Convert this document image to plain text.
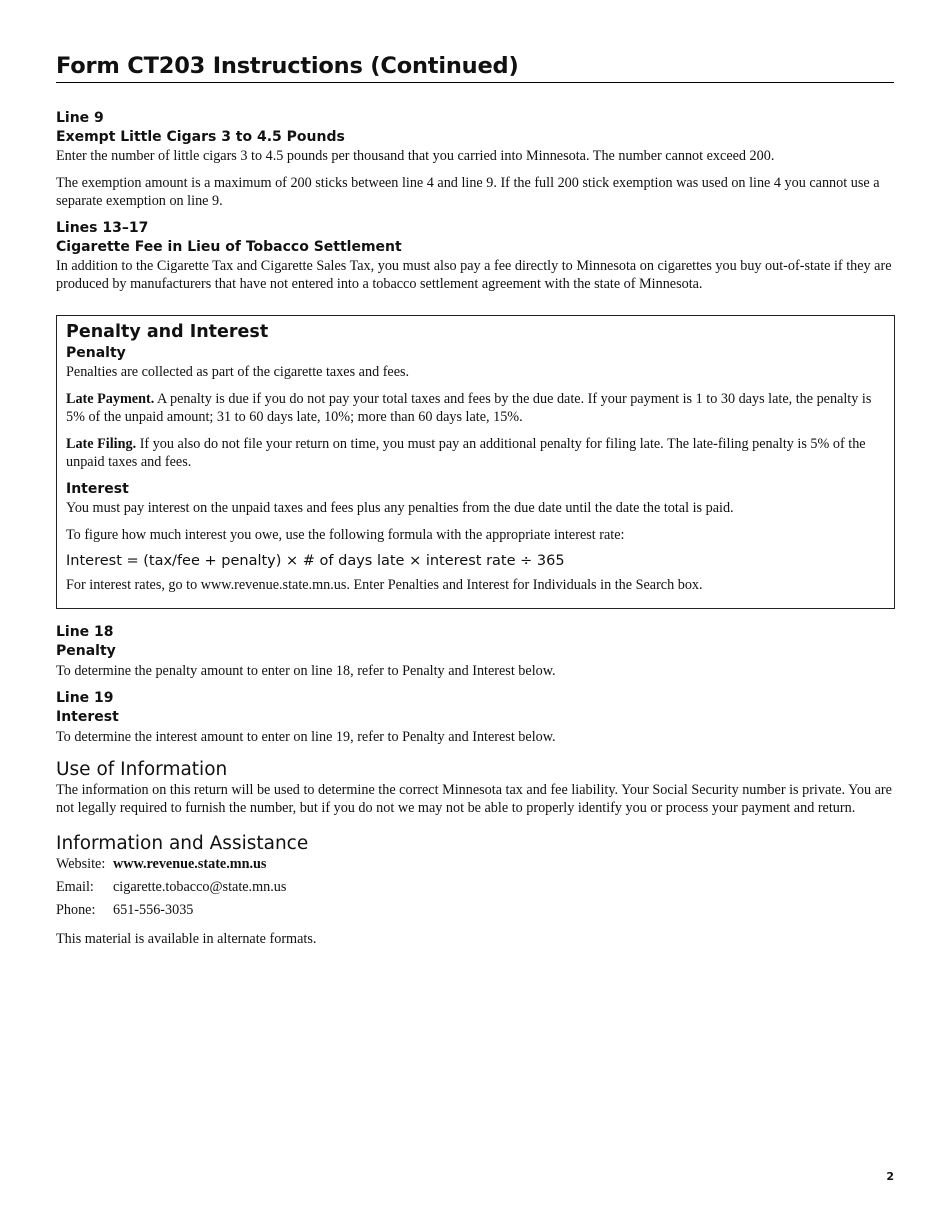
Form CT203 Instructions (Continued)
Line 9
Exempt Little Cigars 3 to 4.5 Pounds

Enter the number of little cigars 3 to 4.5 pounds per thousand that you carried into Minnesota. The number cannot exceed 200.

The exemption amount is a maximum of 200 sticks between line 4 and line 9. If the full 200 stick exemption was used on line 4 you cannot use a separate exemption on line 9.

Lines 13–17
Cigarette Fee in Lieu of Tobacco Settlement

In addition to the Cigarette Tax and Cigarette Sales Tax, you must also pay a fee directly to Minnesota on cigarettes you buy out-of-state if they are produced by manufacturers that have not entered into a tobacco settlement agreement with the state of Minnesota.

Penalty and Interest
Penalty

Penalties are collected as part of the cigarette taxes and fees.

Late Payment. A penalty is due if you do not pay your total taxes and fees by the due date. If your payment is 1 to 30 days late, the penalty is 5% of the unpaid amount; 31 to 60 days late, 10%; more than 60 days late, 15%.

Late Filing. If you also do not file your return on time, you must pay an additional penalty for filing late. The late-filing penalty is 5% of the unpaid taxes and fees.

Interest

You must pay interest on the unpaid taxes and fees plus any penalties from the due date until the date the total is paid.

To figure how much interest you owe, use the following formula with the appropriate interest rate:

Interest = (tax/fee + penalty) × # of days late × interest rate ÷ 365

For interest rates, go to www.revenue.state.mn.us. Enter Penalties and Interest for Individuals in the Search box.

Line 18
Penalty

To determine the penalty amount to enter on line 18, refer to Penalty and Interest below.

Line 19
Interest

To determine the interest amount to enter on line 19, refer to Penalty and Interest below.

Use of Information

The information on this return will be used to determine the correct Minnesota tax and fee liability. Your Social Security number is private. You are not legally required to furnish the number, but if you do not we may not be able to properly identify you or process your payment and return.

Information and Assistance
Website: www.revenue.state.mn.us
Email:	cigarette.tobacco@state.mn.us
Phone:	651-556-3035

This material is available in alternate formats.

2
